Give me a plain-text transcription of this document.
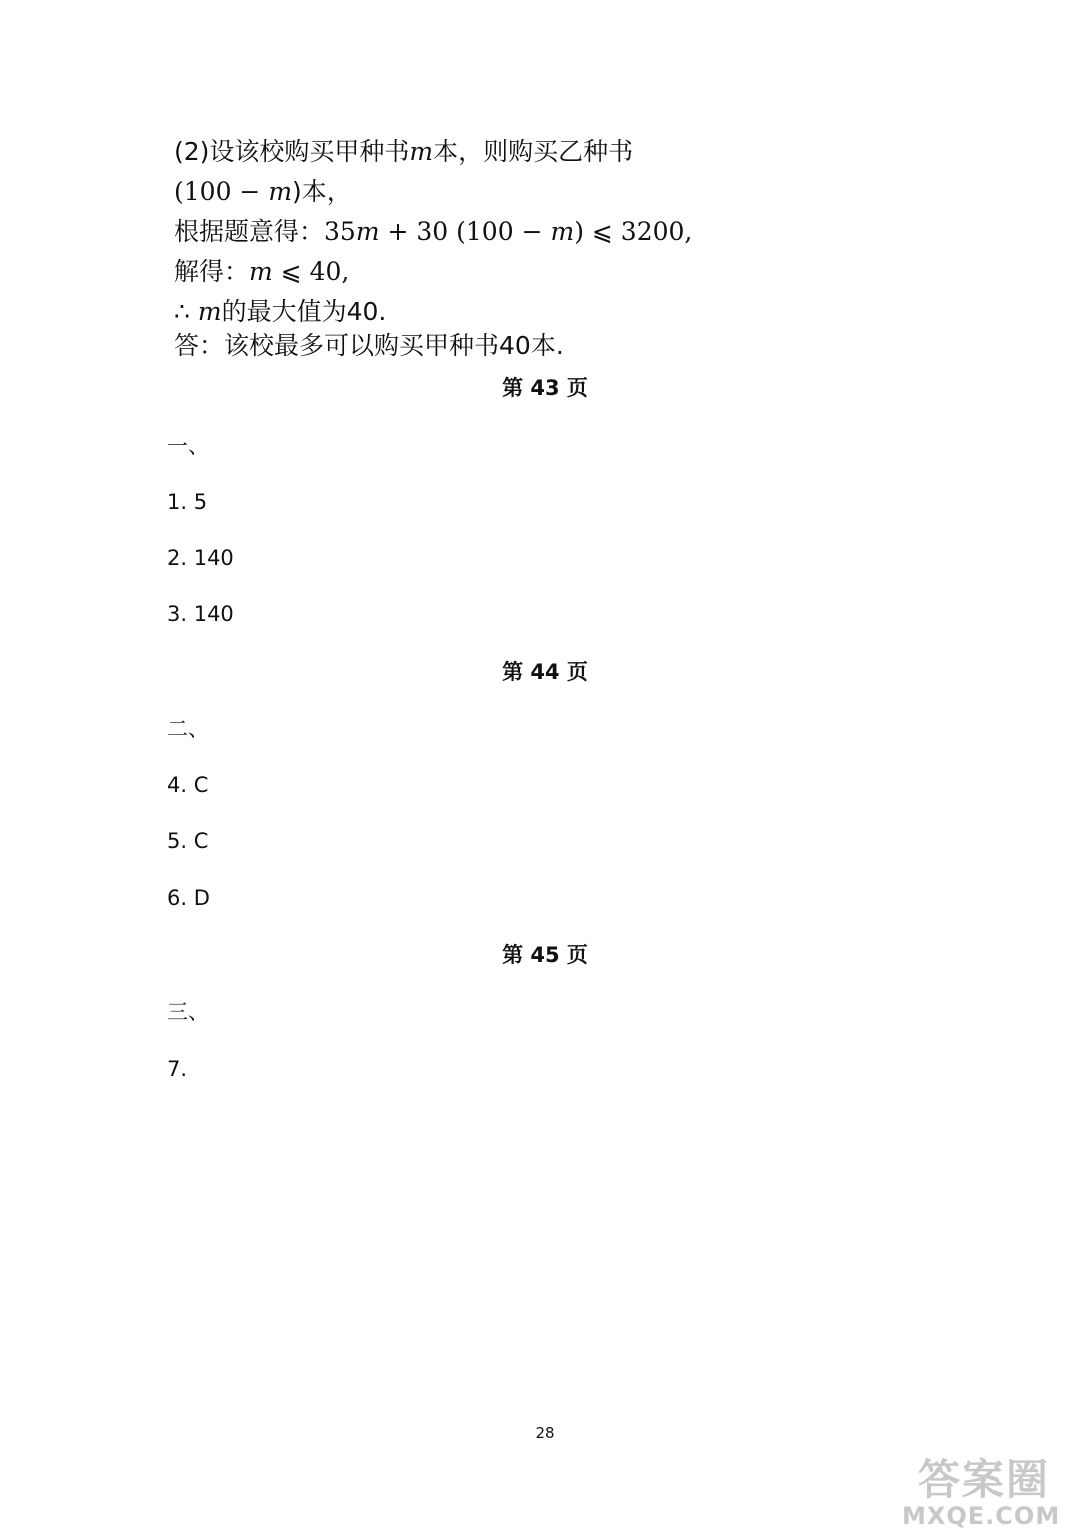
(2)设该校购买甲种书m本，则购买乙种书
(100 − m)本，
根据题意得：35m + 30 (100 − m) ⩽ 3200,
解得：m ⩽ 40,
∴ m的最大值为40.
答：该校最多可以购买甲种书40本.
第 43 页
一、
1. 5
2. 140
3. 140
第 44 页
二、
4. C
5. C
6. D
第 45 页
三、
7.
28
答案圈
MXQE.COM
